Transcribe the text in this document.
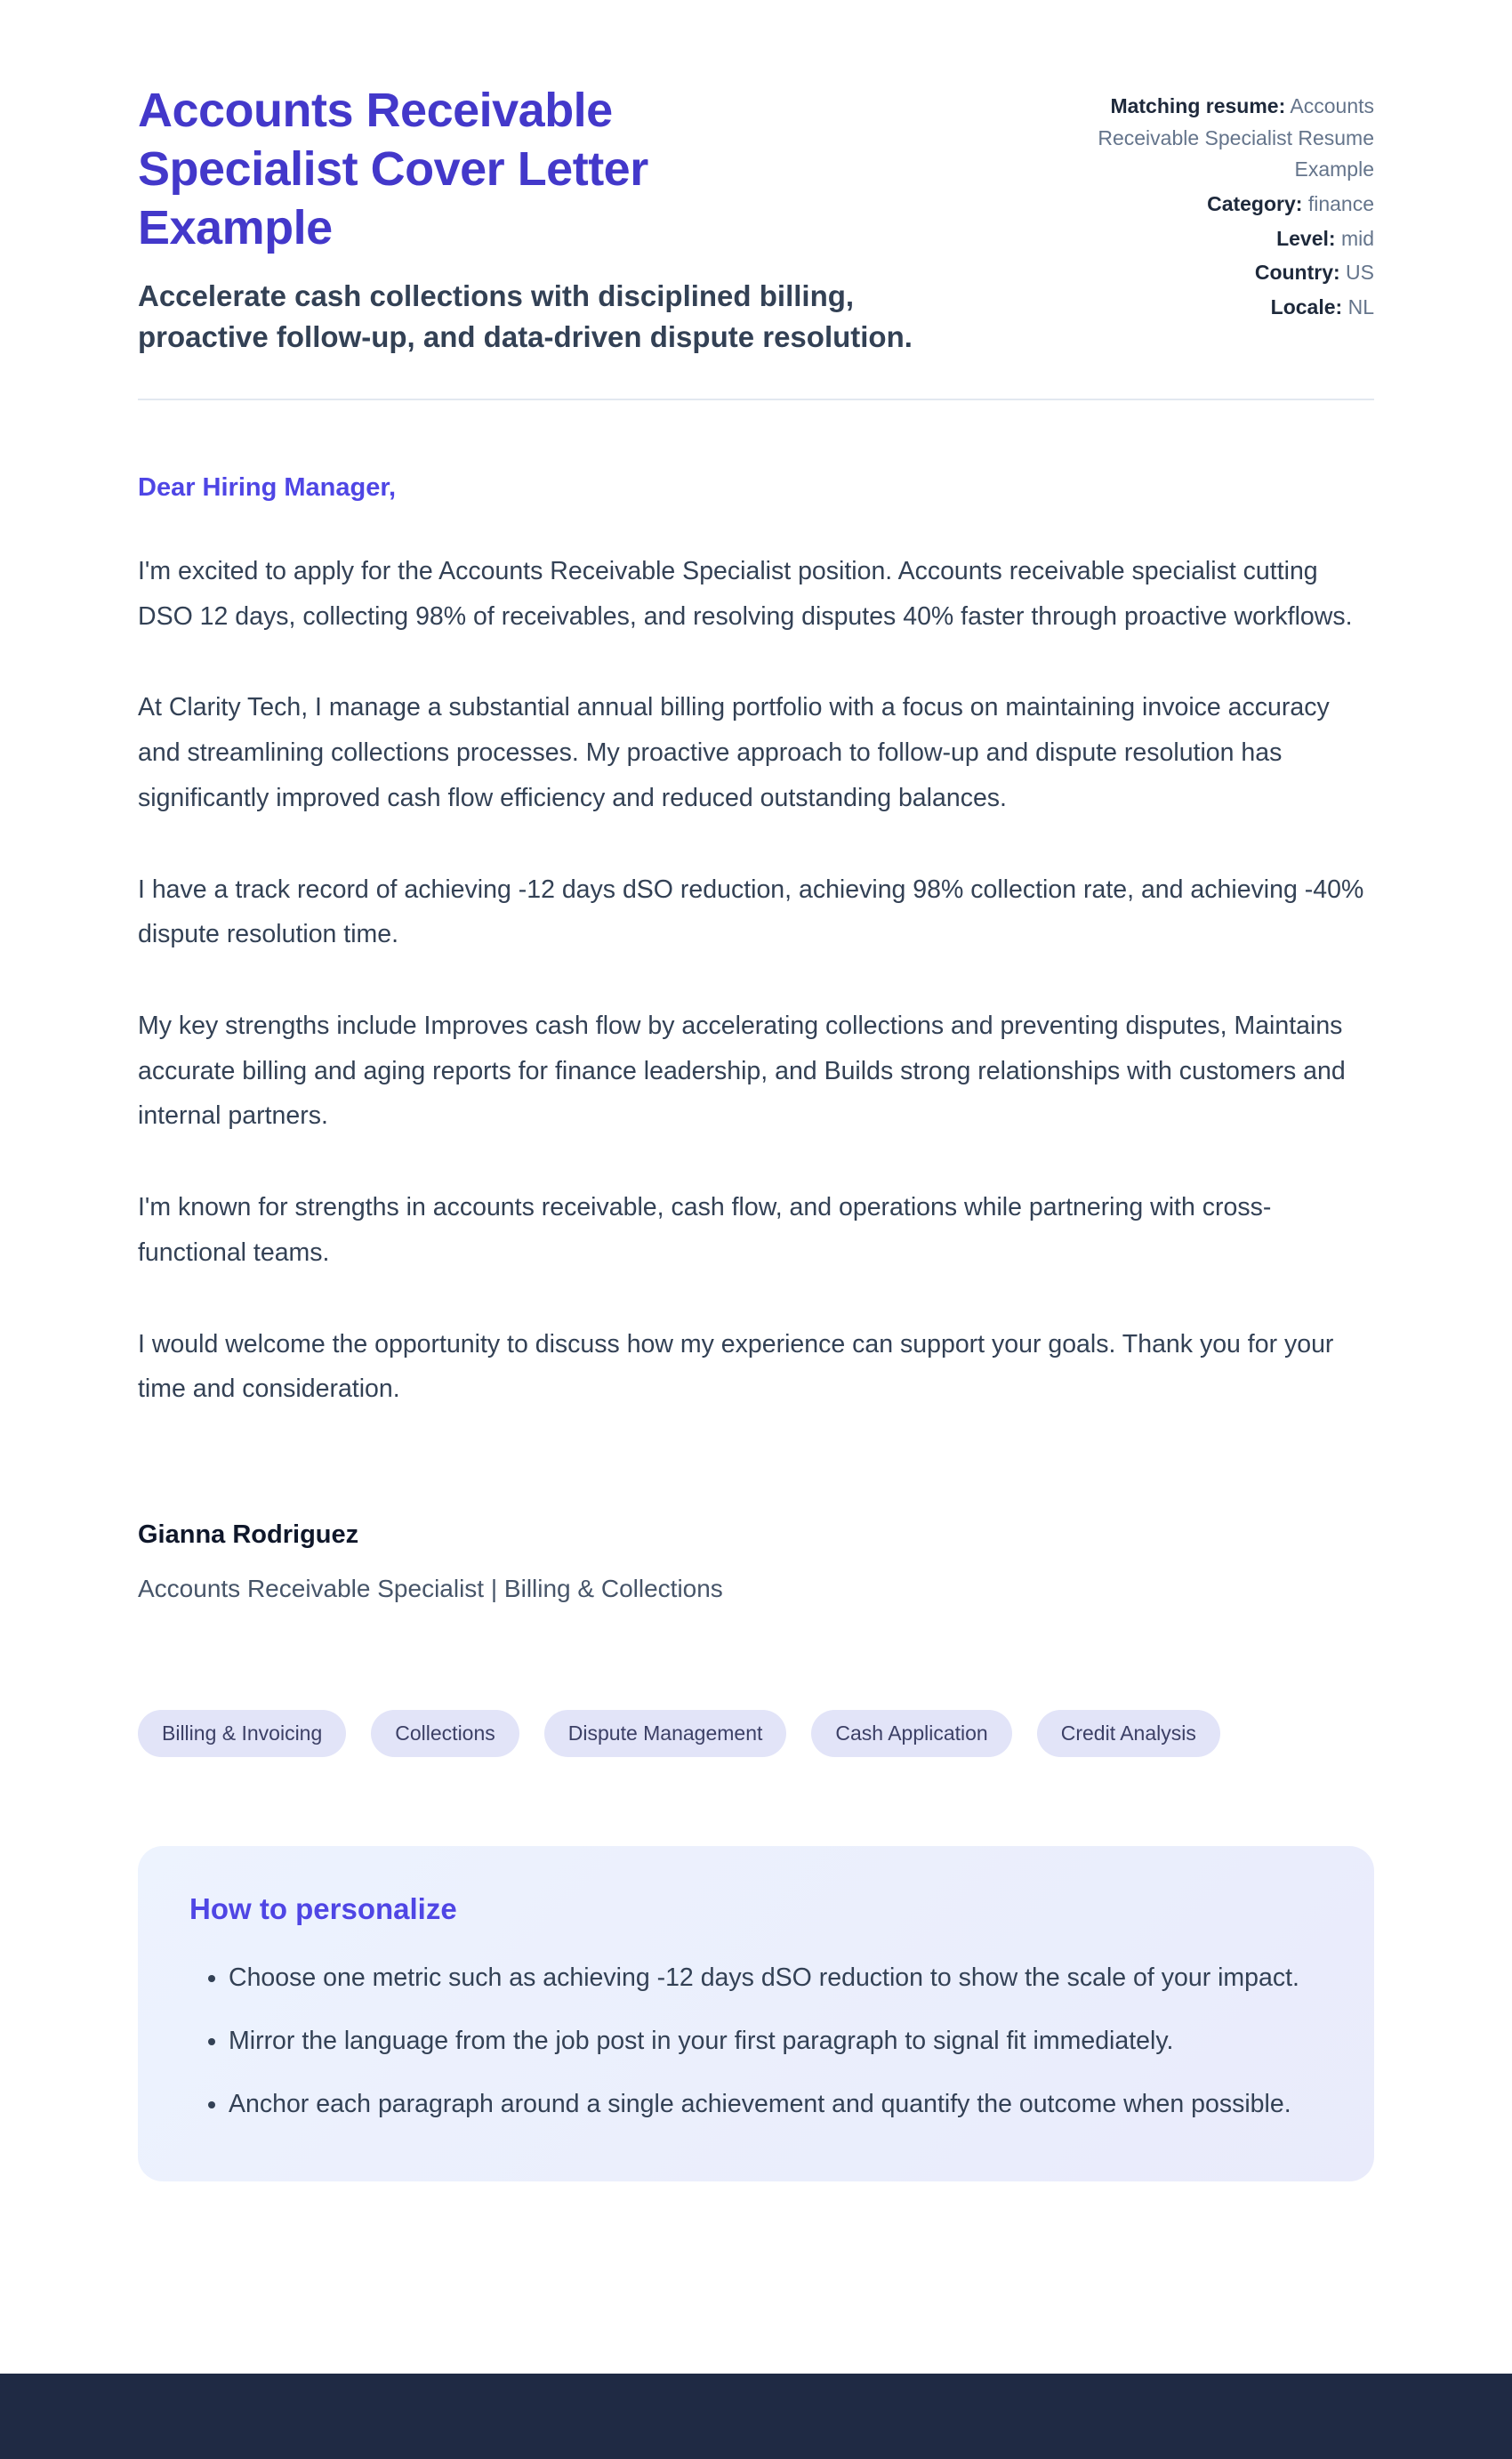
Accounts Receivable Specialist Cover Letter Example
Accelerate cash collections with disciplined billing, proactive follow-up, and data-driven dispute resolution.
Matching resume: Accounts Receivable Specialist Resume Example
Category: finance
Level: mid
Country: US
Locale: NL
Dear Hiring Manager,

I'm excited to apply for the Accounts Receivable Specialist position. Accounts receivable specialist cutting DSO 12 days, collecting 98% of receivables, and resolving disputes 40% faster through proactive workflows.

At Clarity Tech, I manage a substantial annual billing portfolio with a focus on maintaining invoice accuracy and streamlining collections processes. My proactive approach to follow-up and dispute resolution has significantly improved cash flow efficiency and reduced outstanding balances.

I have a track record of achieving -12 days dSO reduction, achieving 98% collection rate, and achieving -40% dispute resolution time.

My key strengths include Improves cash flow by accelerating collections and preventing disputes, Maintains accurate billing and aging reports for finance leadership, and Builds strong relationships with customers and internal partners.

I'm known for strengths in accounts receivable, cash flow, and operations while partnering with cross-functional teams.

I would welcome the opportunity to discuss how my experience can support your goals. Thank you for your time and consideration.

Gianna Rodriguez
Accounts Receivable Specialist | Billing & Collections
Billing & Invoicing	Collections	Dispute Management	Cash Application	Credit Analysis
How to personalize
• Choose one metric such as achieving -12 days dSO reduction to show the scale of your impact.
• Mirror the language from the job post in your first paragraph to signal fit immediately.
• Anchor each paragraph around a single achievement and quantify the outcome when possible.
